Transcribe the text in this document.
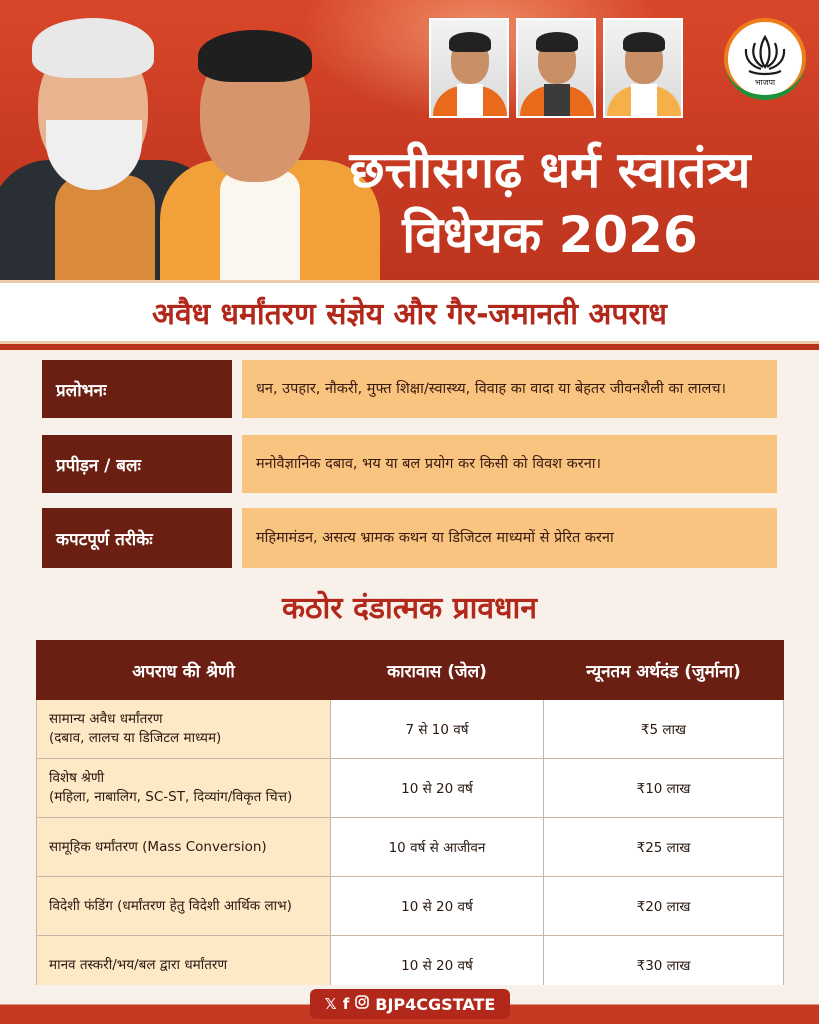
भाजपा
छत्तीसगढ़ धर्म स्वातंत्र्य
विधेयक 2026
अवैध धर्मांतरण संज्ञेय और गैर-जमानती अपराध
प्रलोभनः	धन, उपहार, नौकरी, मुफ्त शिक्षा/स्वास्थ्य, विवाह का वादा या बेहतर जीवनशैली का लालच।
प्रपीड़न / बलः	मनोवैज्ञानिक दबाव, भय या बल प्रयोग कर किसी को विवश करना।
कपटपूर्ण तरीकेः	महिमामंडन, असत्य भ्रामक कथन या डिजिटल माध्यमों से प्रेरित करना
कठोर दंडात्मक प्रावधान
अपराध की श्रेणी	कारावास (जेल)	न्यूनतम अर्थदंड (जुर्माना)
सामान्य अवैध धर्मांतरण
(दबाव, लालच या डिजिटल माध्यम)	7 से 10 वर्ष	₹5 लाख
विशेष श्रेणी
(महिला, नाबालिग, SC-ST, दिव्यांग/विकृत चित्त)	10 से 20 वर्ष	₹10 लाख
सामूहिक धर्मांतरण (Mass Conversion)	10 वर्ष से आजीवन	₹25 लाख
विदेशी फंडिंग (धर्मांतरण हेतु विदेशी आर्थिक लाभ)	10 से 20 वर्ष	₹20 लाख
मानव तस्करी/भय/बल द्वारा धर्मांतरण	10 से 20 वर्ष	₹30 लाख
𝕏 f BJP4CGSTATE
